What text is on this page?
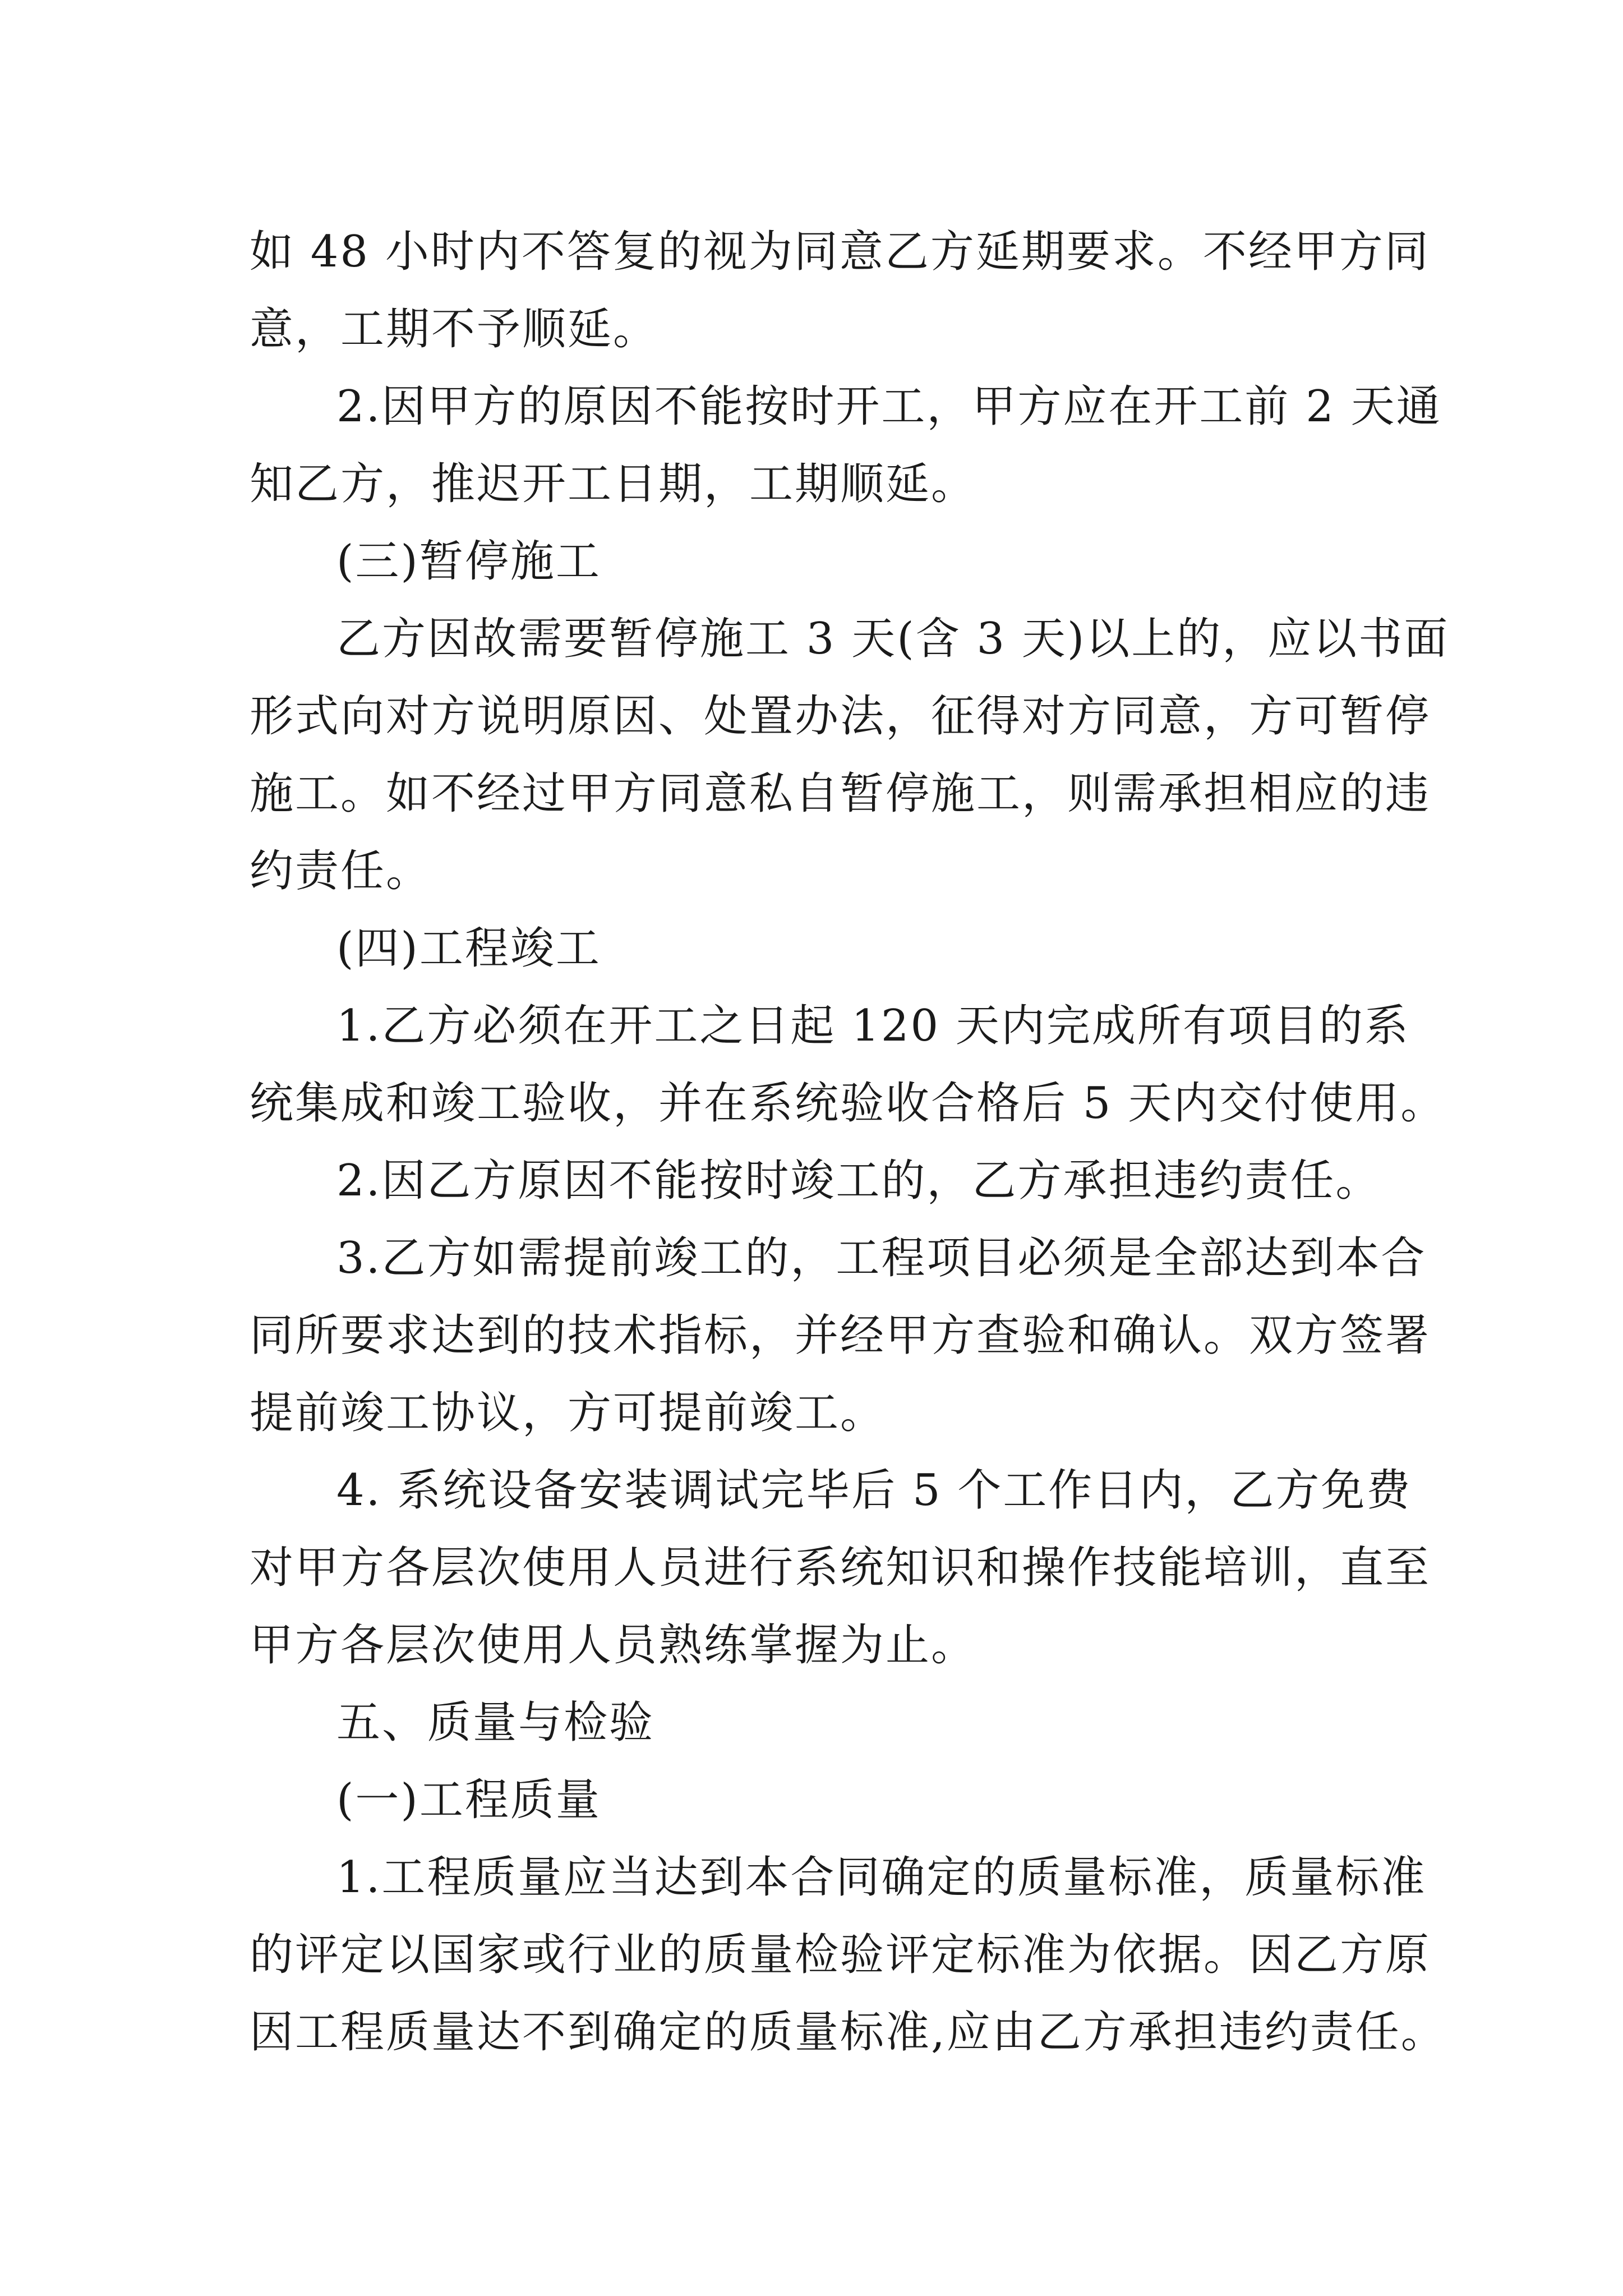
如 48 小时内不答复的视为同意乙方延期要求。不经甲方同
意，工期不予顺延。
2.因甲方的原因不能按时开工，甲方应在开工前 2 天通
知乙方，推迟开工日期，工期顺延。
(三)暂停施工
乙方因故需要暂停施工 3 天(含 3 天)以上的，应以书面
形式向对方说明原因、处置办法，征得对方同意，方可暂停
施工。如不经过甲方同意私自暂停施工，则需承担相应的违
约责任。
(四)工程竣工
1.乙方必须在开工之日起 120 天内完成所有项目的系
统集成和竣工验收，并在系统验收合格后 5 天内交付使用。
2.因乙方原因不能按时竣工的，乙方承担违约责任。
3.乙方如需提前竣工的，工程项目必须是全部达到本合
同所要求达到的技术指标，并经甲方查验和确认。双方签署
提前竣工协议，方可提前竣工。
4. 系统设备安装调试完毕后 5 个工作日内，乙方免费
对甲方各层次使用人员进行系统知识和操作技能培训，直至
甲方各层次使用人员熟练掌握为止。
五、质量与检验
(一)工程质量
1.工程质量应当达到本合同确定的质量标准，质量标准
的评定以国家或行业的质量检验评定标准为依据。因乙方原
因工程质量达不到确定的质量标准,应由乙方承担违约责任。
